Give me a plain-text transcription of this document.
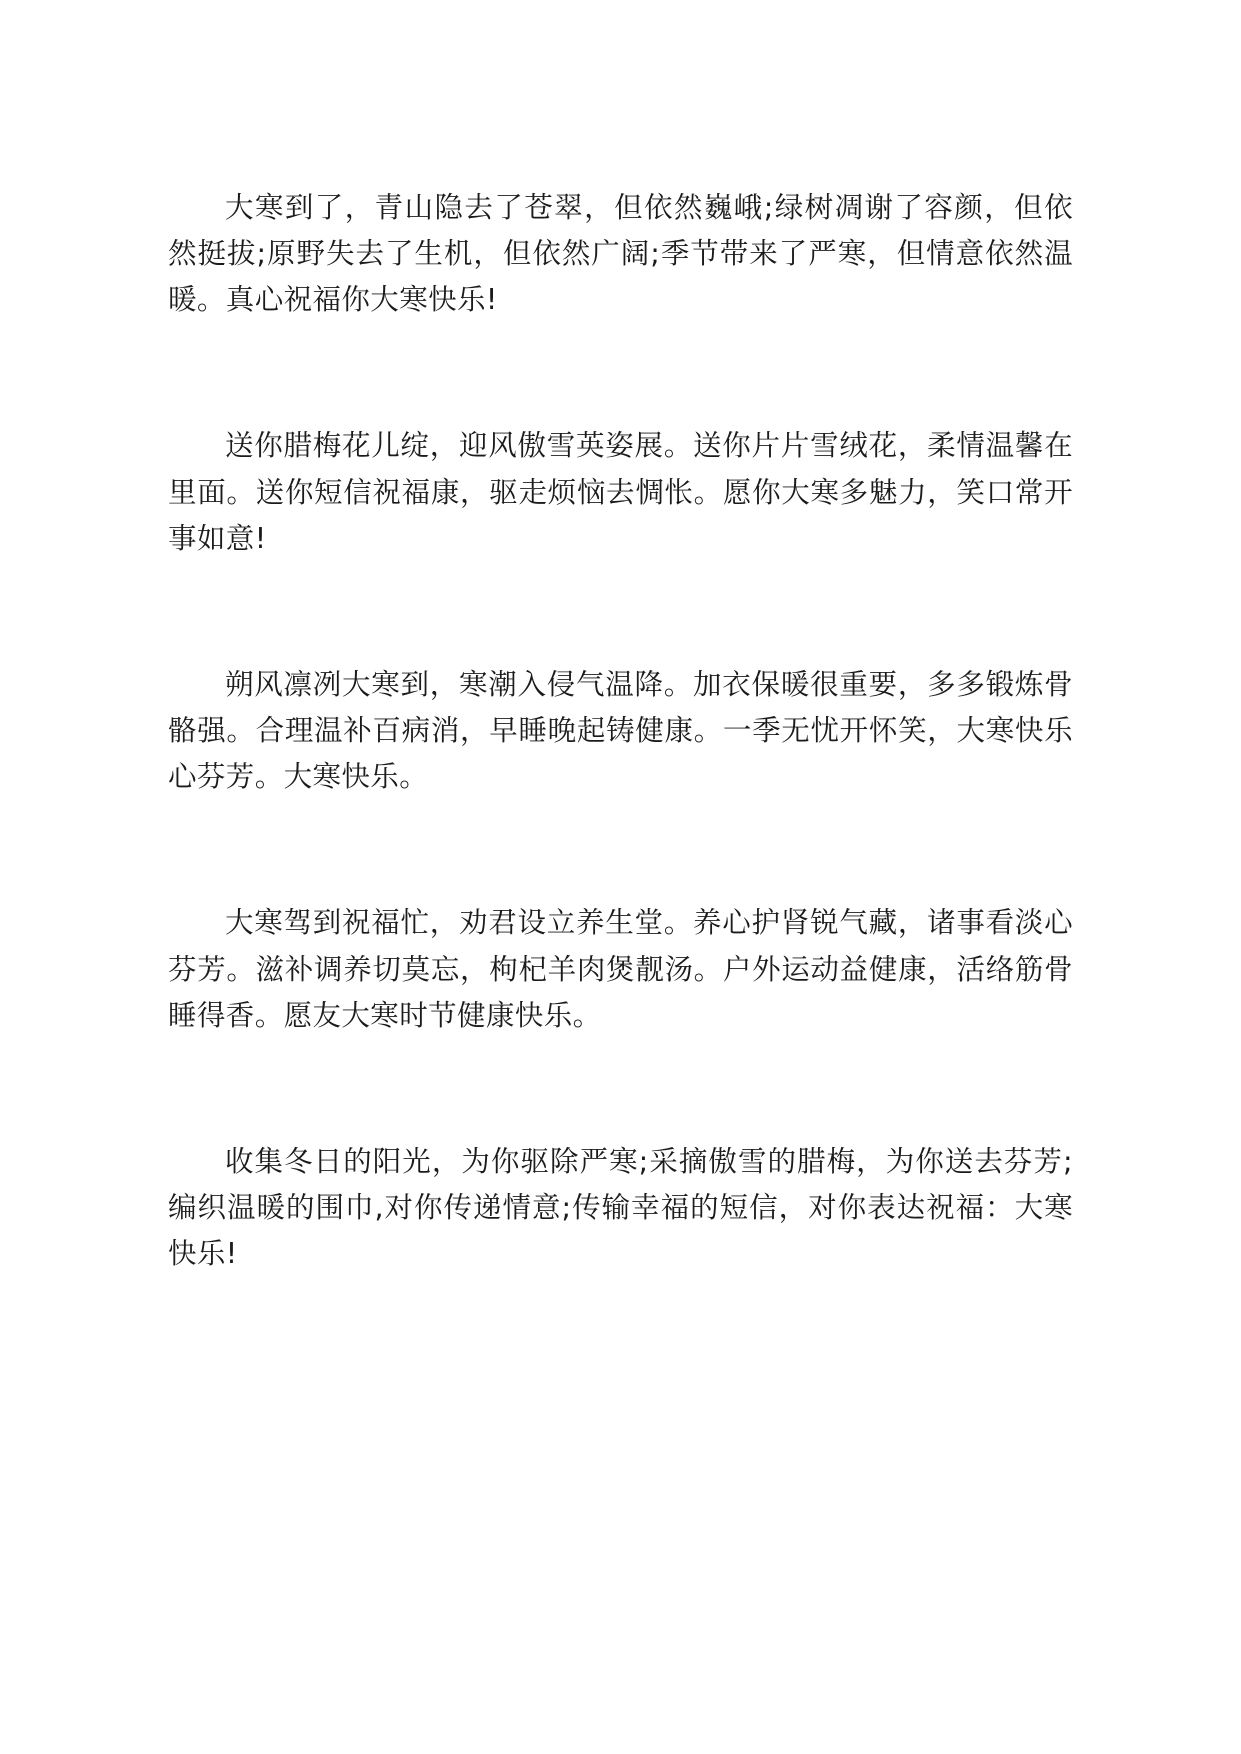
大寒到了，青山隐去了苍翠，但依然巍峨;绿树凋谢了容颜，但依然挺拔;原野失去了生机，但依然广阔;季节带来了严寒，但情意依然温暖。真心祝福你大寒快乐!

送你腊梅花儿绽，迎风傲雪英姿展。送你片片雪绒花，柔情温馨在里面。送你短信祝福康，驱走烦恼去惆怅。愿你大寒多魅力，笑口常开事如意!

朔风凛冽大寒到，寒潮入侵气温降。加衣保暖很重要，多多锻炼骨骼强。合理温补百病消，早睡晚起铸健康。一季无忧开怀笑，大寒快乐心芬芳。大寒快乐。

大寒驾到祝福忙，劝君设立养生堂。养心护肾锐气藏，诸事看淡心芬芳。滋补调养切莫忘，枸杞羊肉煲靓汤。户外运动益健康，活络筋骨睡得香。愿友大寒时节健康快乐。

收集冬日的阳光，为你驱除严寒;采摘傲雪的腊梅，为你送去芬芳;编织温暖的围巾,对你传递情意;传输幸福的短信，对你表达祝福：大寒快乐!
